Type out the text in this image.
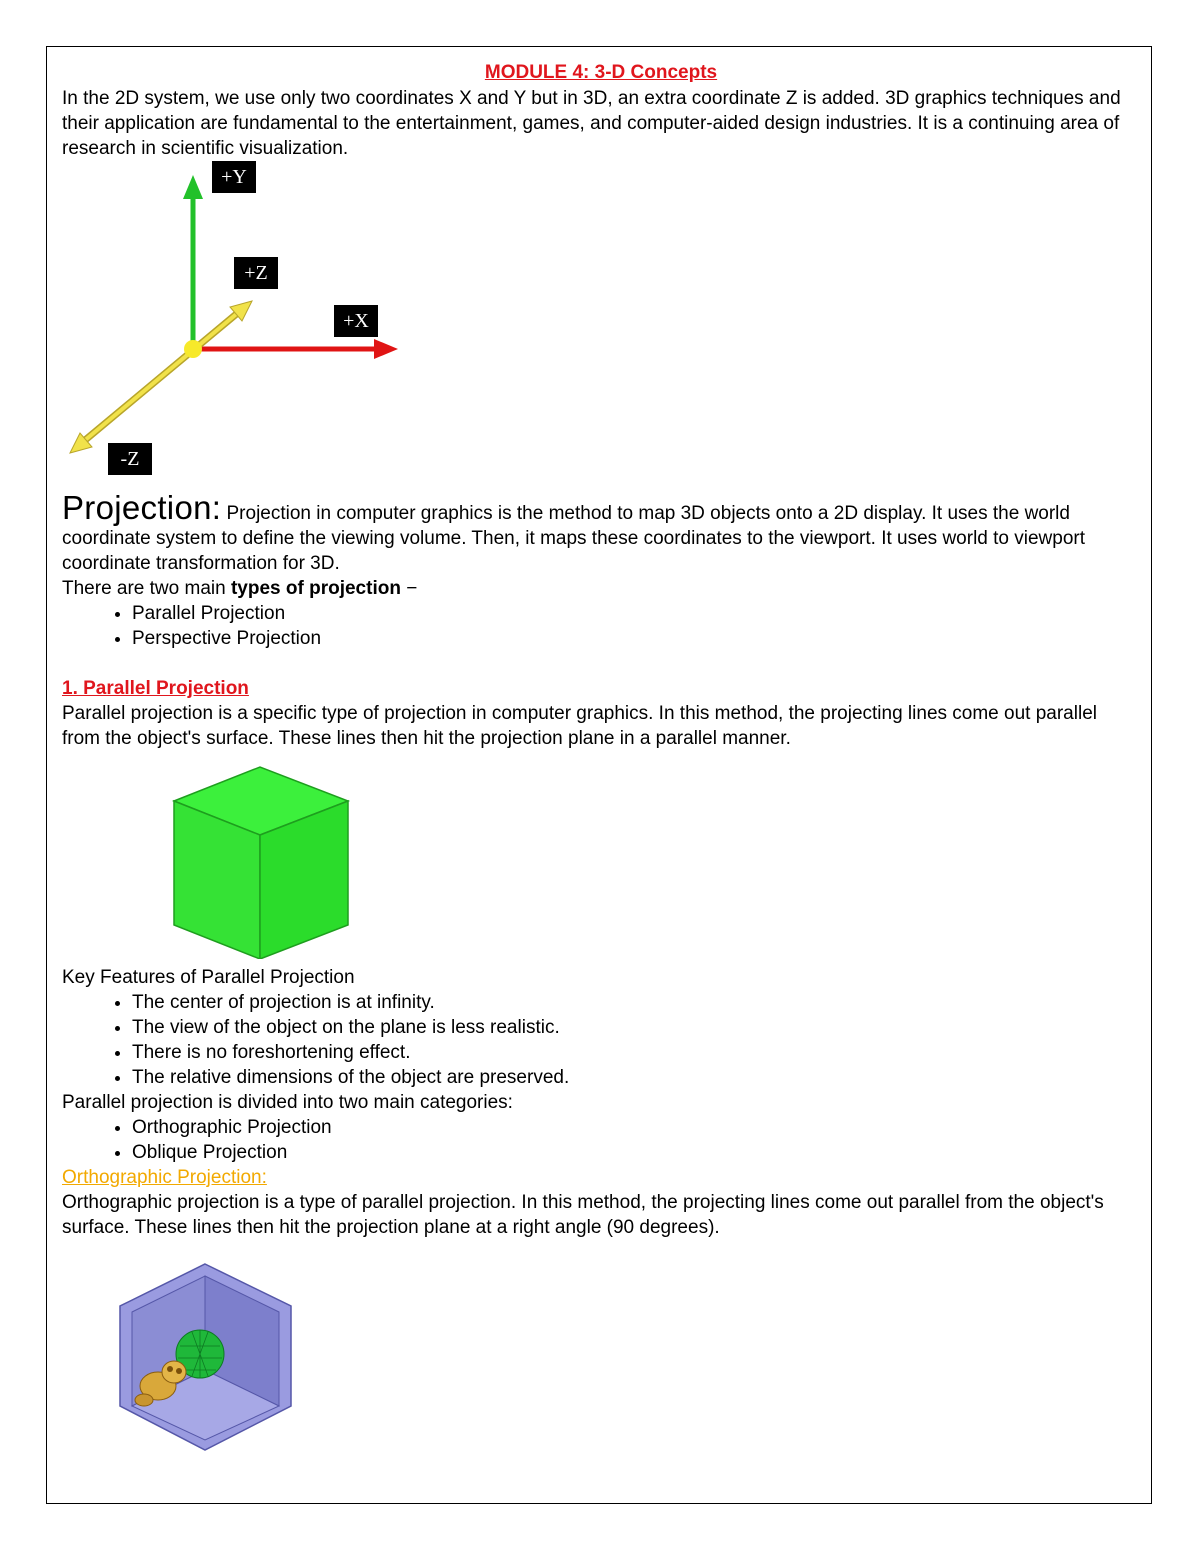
MODULE 4: 3-D Concepts

In the 2D system, we use only two coordinates X and Y but in 3D, an extra coordinate Z is added. 3D graphics techniques and their application are fundamental to the entertainment, games, and computer-aided design industries. It is a continuing area of research in scientific visualization.

+Y
+Z
+X
-Z

Projection: Projection in computer graphics is the method to map 3D objects onto a 2D display. It uses the world coordinate system to define the viewing volume. Then, it maps these coordinates to the viewport. It uses world to viewport coordinate transformation for 3D.

There are two main types of projection −

• Parallel Projection
• Perspective Projection

1. Parallel Projection

Parallel projection is a specific type of projection in computer graphics. In this method, the projecting lines come out parallel from the object's surface. These lines then hit the projection plane in a parallel manner.

Key Features of Parallel Projection

• The center of projection is at infinity.
• The view of the object on the plane is less realistic.
• There is no foreshortening effect.
• The relative dimensions of the object are preserved.

Parallel projection is divided into two main categories:

• Orthographic Projection
• Oblique Projection

Orthographic Projection:

Orthographic projection is a type of parallel projection. In this method, the projecting lines come out parallel from the object's surface. These lines then hit the projection plane at a right angle (90 degrees).
